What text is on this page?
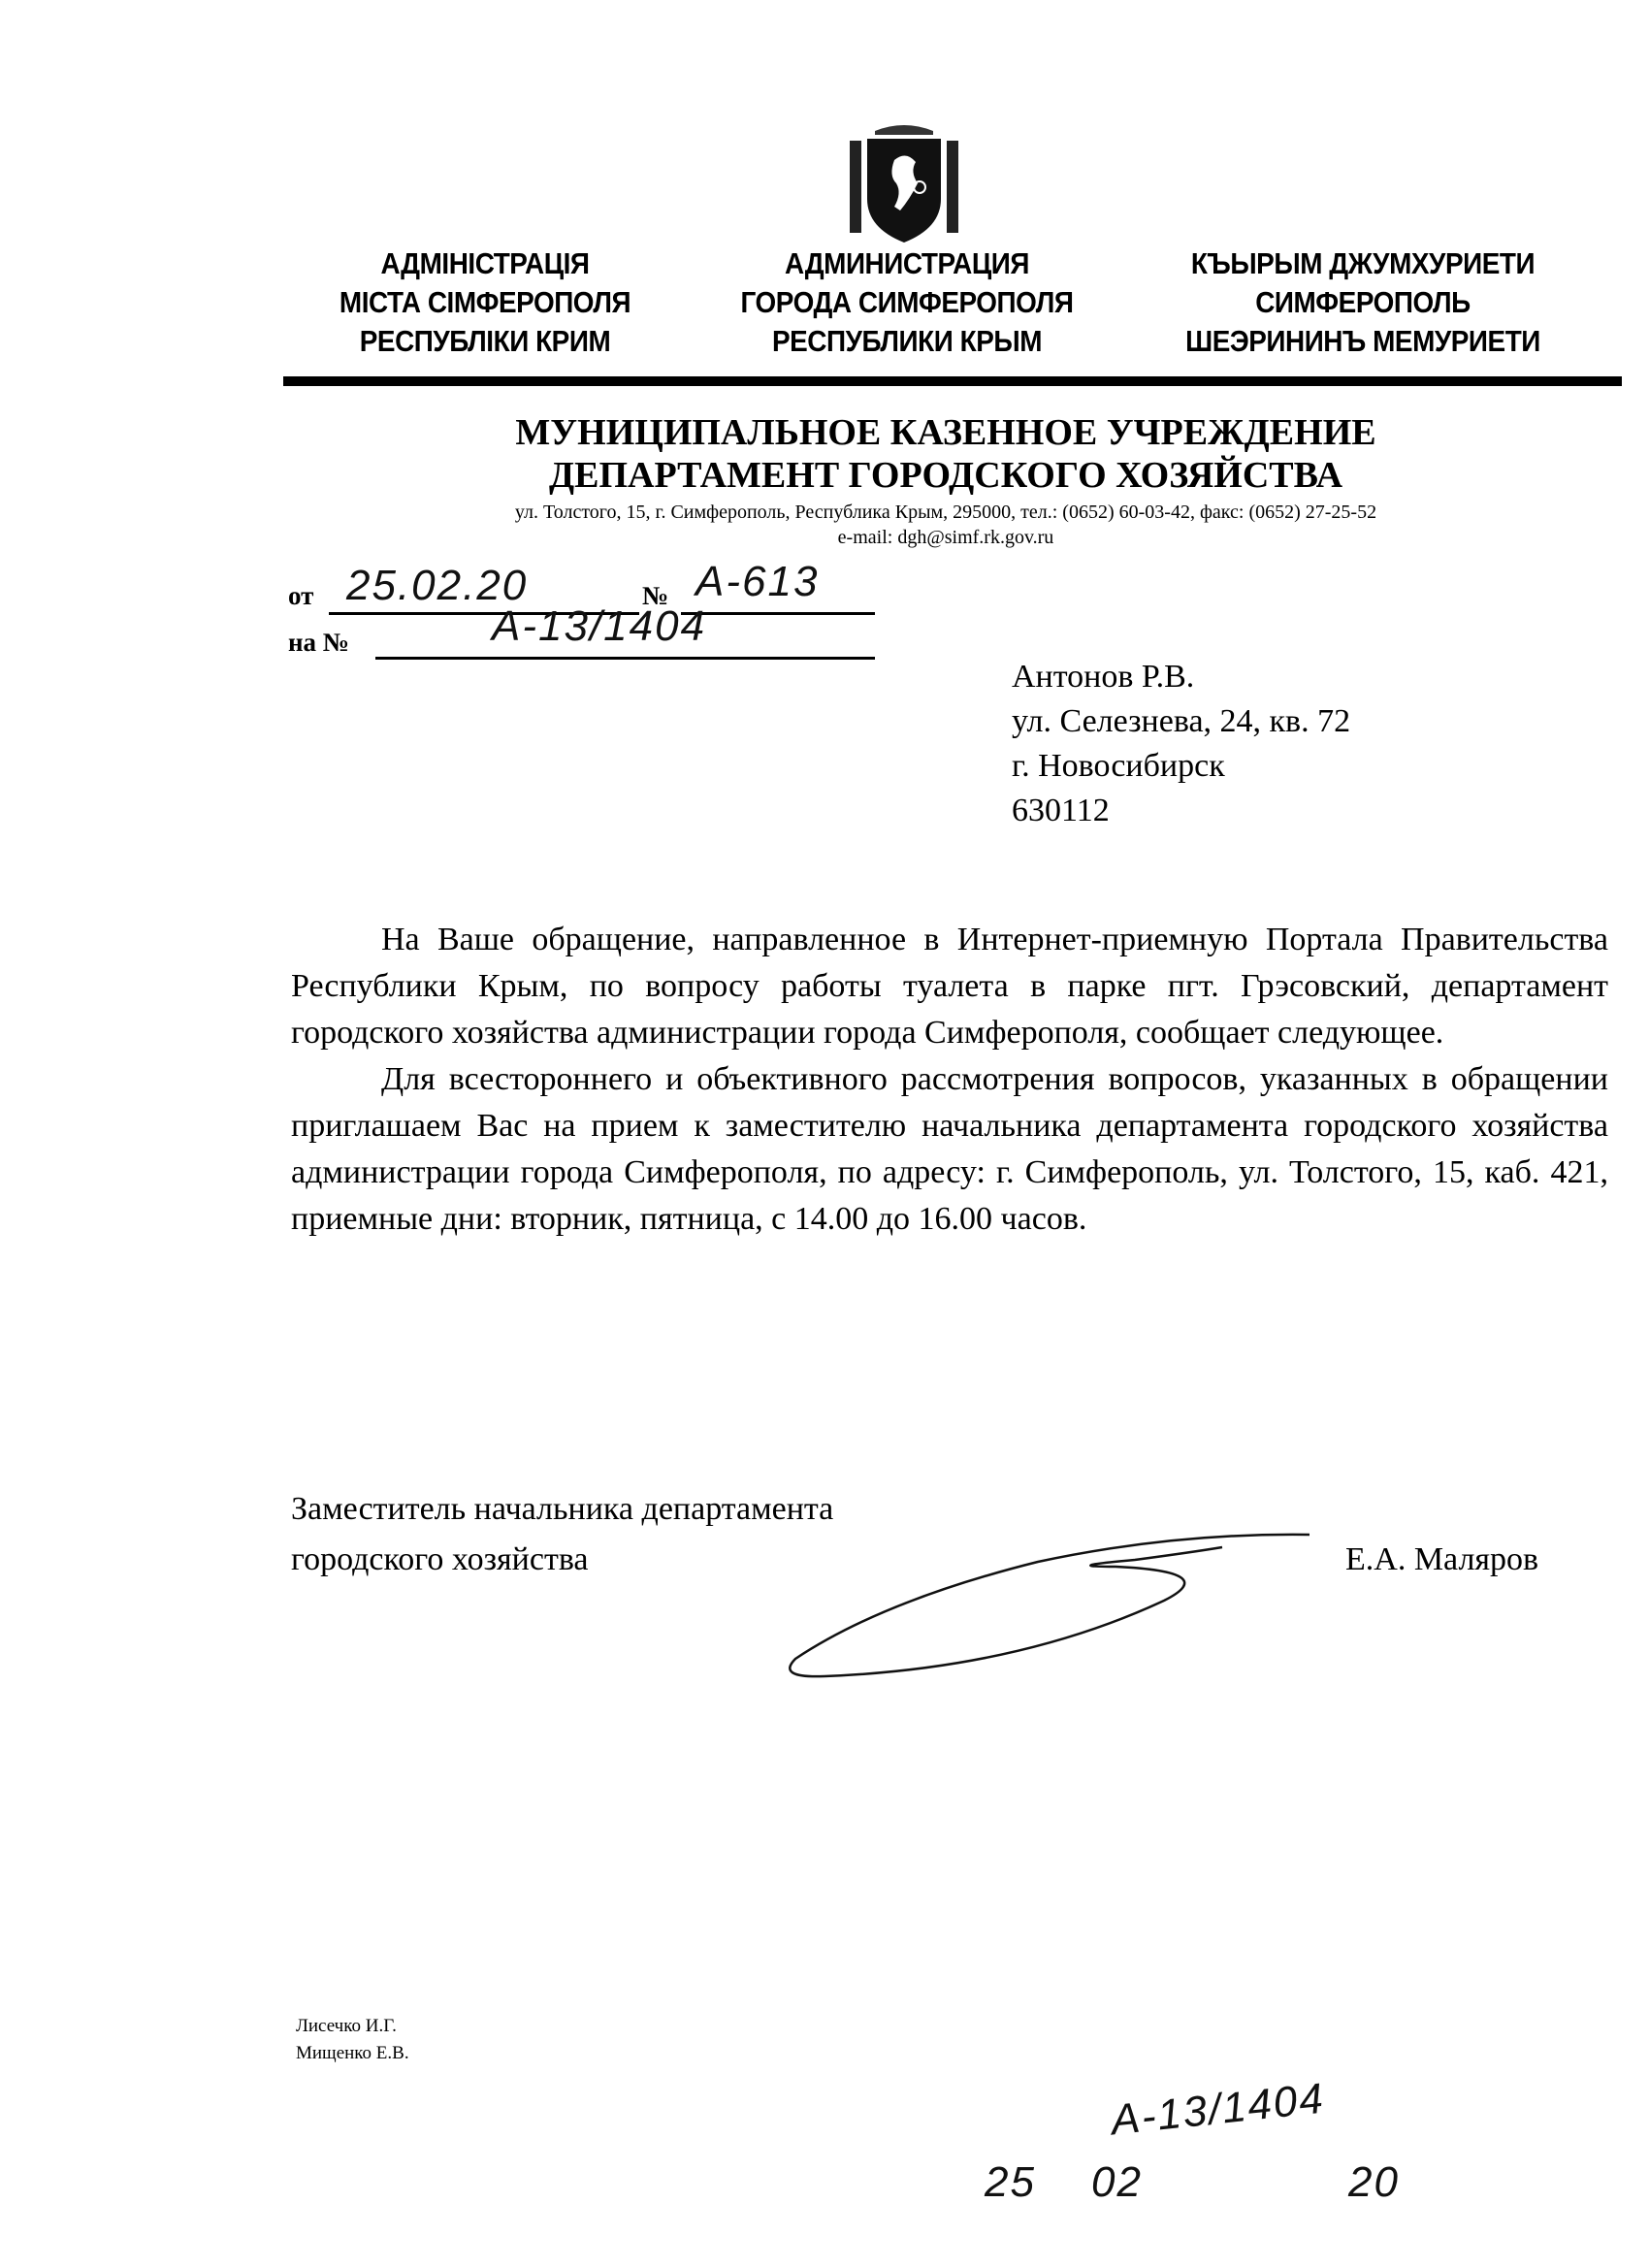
АДМІНІСТРАЦІЯ
МІСТА СІМФЕРОПОЛЯ
РЕСПУБЛІКИ КРИМ
АДМИНИСТРАЦИЯ
ГОРОДА СИМФЕРОПОЛЯ
РЕСПУБЛИКИ КРЫМ
КЪЫРЫМ ДЖУМХУРИЕТИ
СИМФЕРОПОЛЬ
ШЕЭРИНИНЪ МЕМУРИЕТИ
МУНИЦИПАЛЬНОЕ КАЗЕННОЕ УЧРЕЖДЕНИЕ
ДЕПАРТАМЕНТ ГОРОДСКОГО ХОЗЯЙСТВА
ул. Толстого, 15, г. Симферополь, Республика Крым, 295000, тел.: (0652) 60-03-42, факс: (0652) 27-25-52
e-mail: dgh@simf.rk.gov.ru
от 25.02.20	№ А-613
на №	А-13/1404
Антонов Р.В.
ул. Селезнева, 24, кв. 72
г. Новосибирск
630112

На Ваше обращение, направленное в Интернет-приемную Портала Правительства Республики Крым, по вопросу работы туалета в парке пгт. Грэсовский, департамент городского хозяйства администрации города Симферополя, сообщает следующее.

Для всестороннего и объективного рассмотрения вопросов, указанных в обращении приглашаем Вас на прием к заместителю начальника департамента городского хозяйства администрации города Симферополя, по адресу: г. Симферополь, ул. Толстого, 15, каб. 421, приемные дни: вторник, пятница, с 14.00 до 16.00 часов.

Заместитель начальника департамента
городского хозяйства	Е.А. Маляров
Лисечко И.Г.
Мищенко Е.В.
А-13/1404
25 02	20
